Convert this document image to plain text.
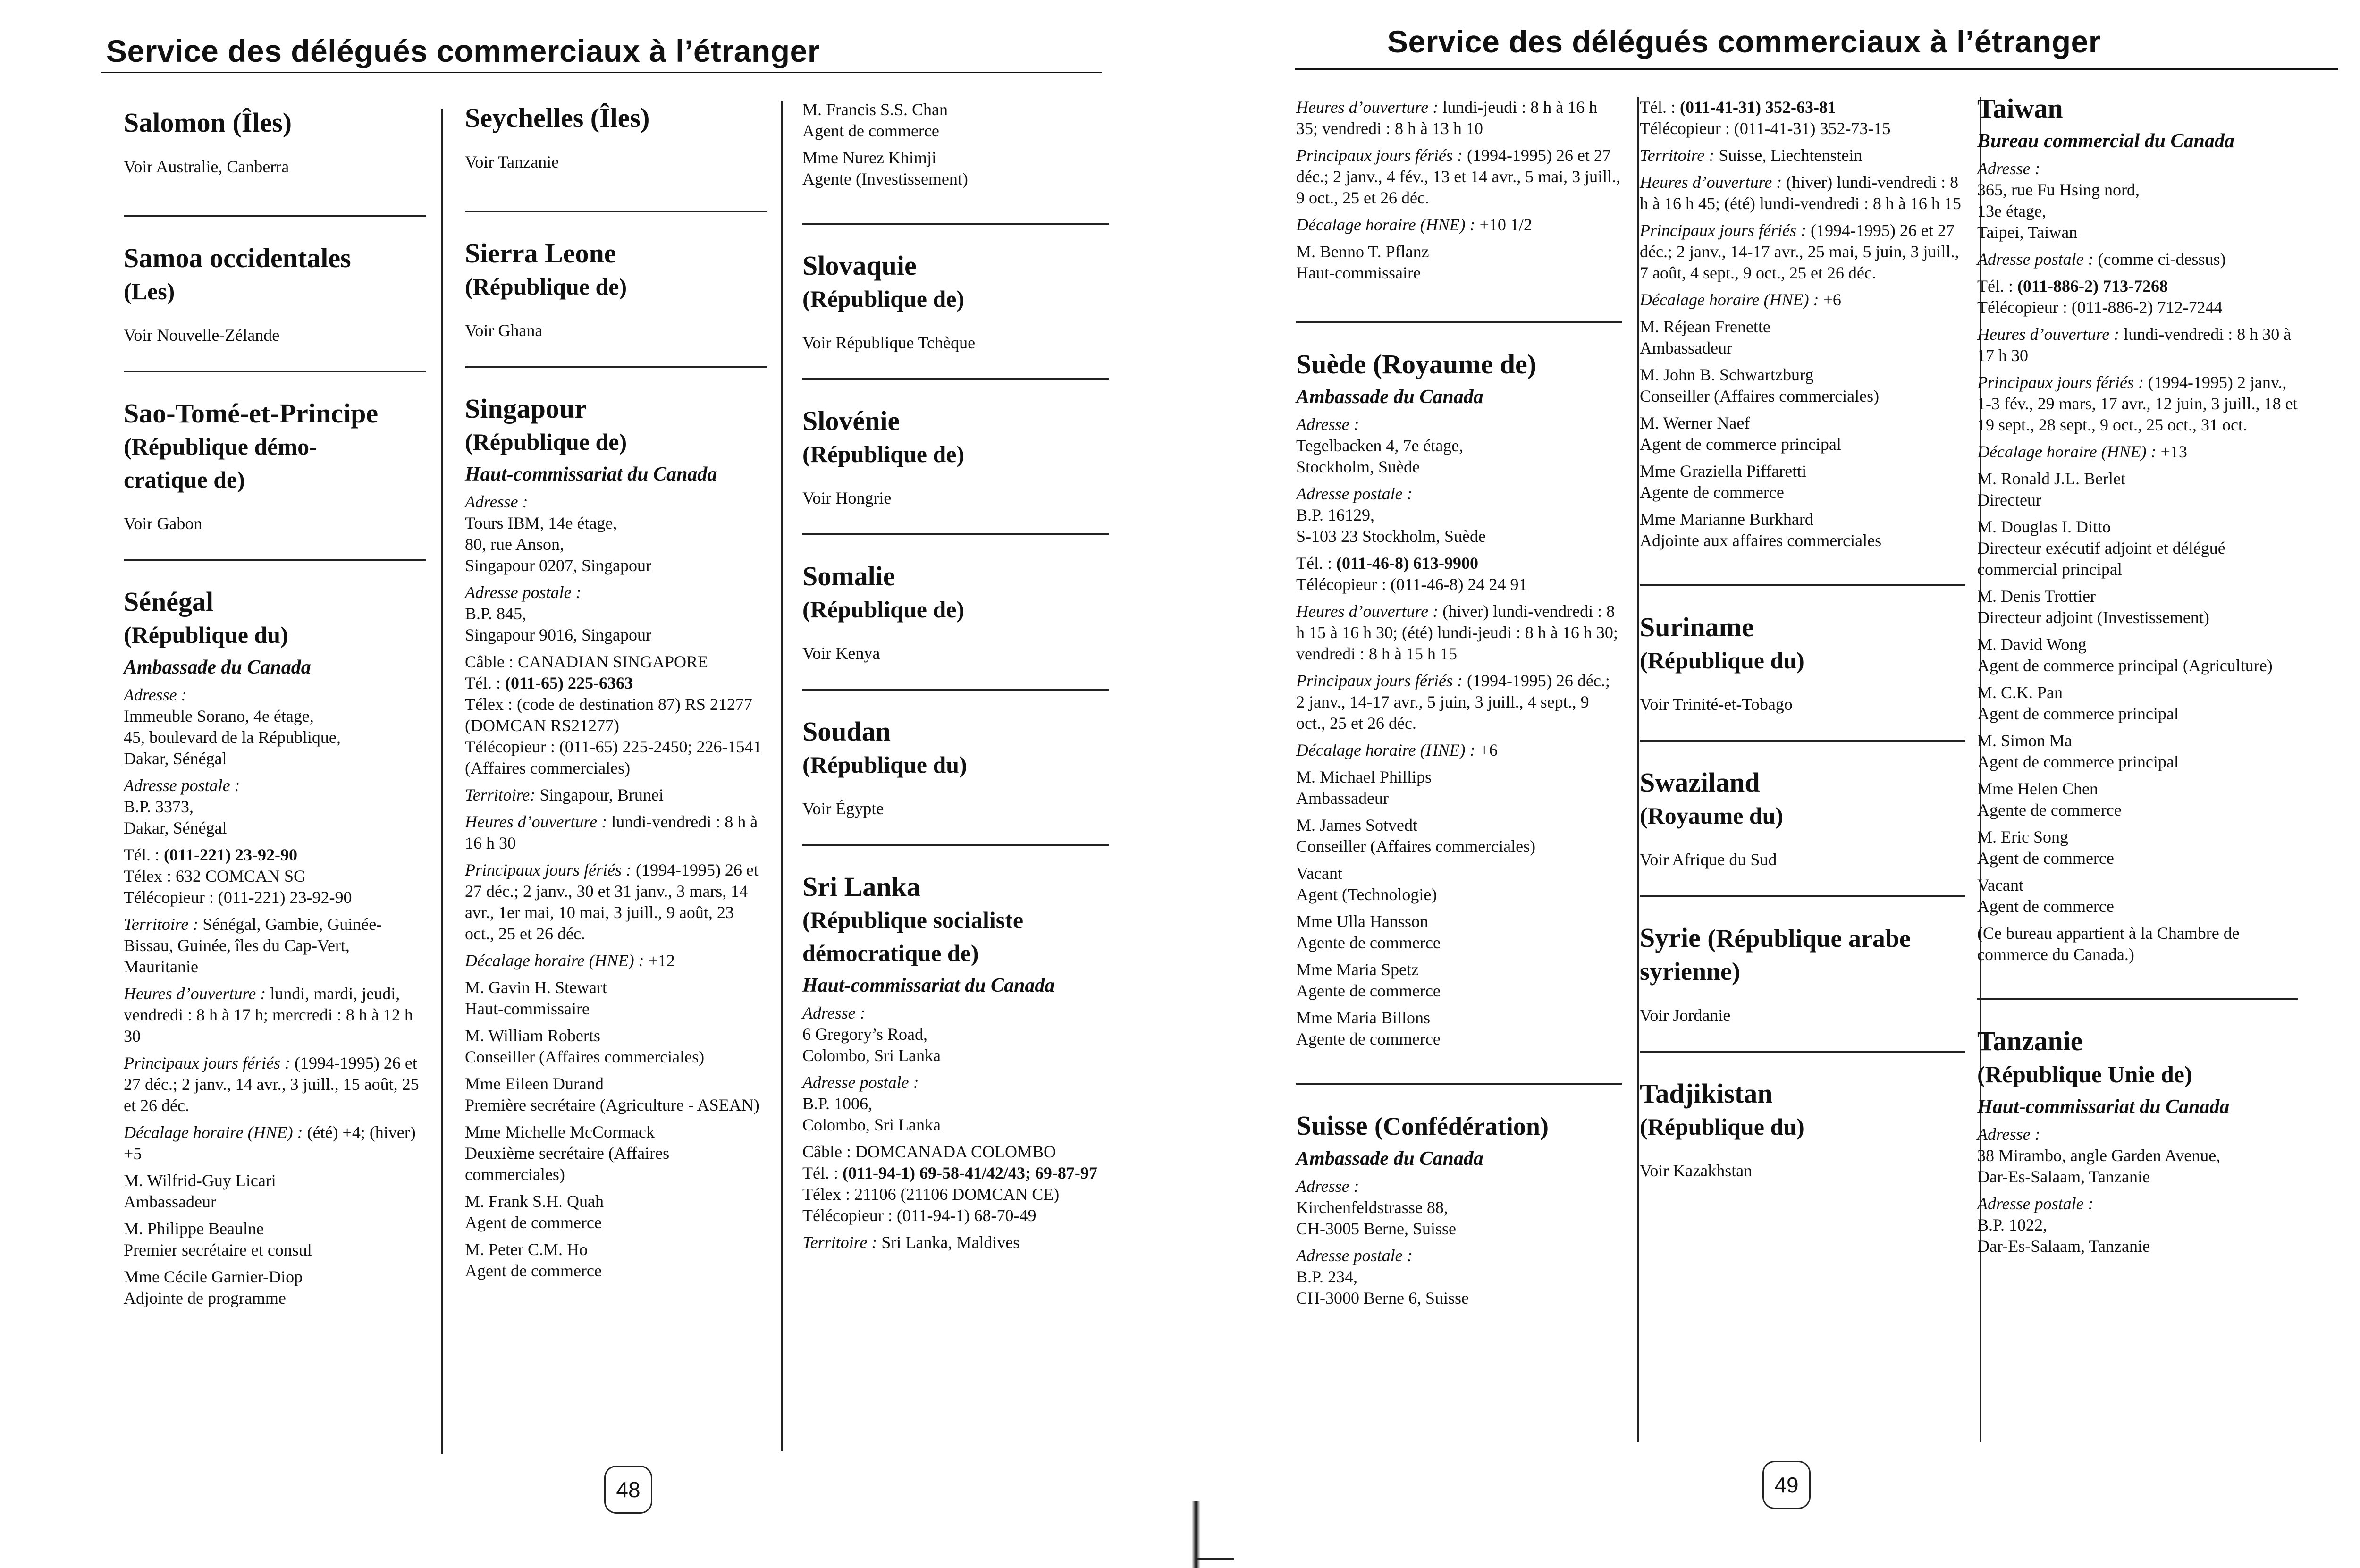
Service des délégués commerciaux à l’étranger
Salomon (Îles)
Voir Australie, Canberra
Samoa occidentales
(Les)
Voir Nouvelle-Zélande
Sao-Tomé-et-Principe
(République démo-
cratique de)
Voir Gabon
Sénégal
(République du)
Ambassade du Canada
Adresse :
Immeuble Sorano, 4e étage,
45, boulevard de la République,
Dakar, Sénégal
Adresse postale :
B.P. 3373,
Dakar, Sénégal
Tél. : (011-221) 23-92-90
Télex : 632 COMCAN SG
Télécopieur : (011-221) 23-92-90
Territoire : Sénégal, Gambie, Guinée-Bissau, Guinée, îles du Cap-Vert, Mauritanie
Heures d’ouverture : lundi, mardi, jeudi, vendredi : 8 h à 17 h; mercredi : 8 h à 12 h 30
Principaux jours fériés : (1994-1995) 26 et 27 déc.; 2 janv., 14 avr., 3 juill., 15 août, 25 et 26 déc.
Décalage horaire (HNE) : (été) +4; (hiver) +5
M. Wilfrid-Guy Licari
Ambassadeur
M. Philippe Beaulne
Premier secrétaire et consul
Mme Cécile Garnier-Diop
Adjointe de programme
Seychelles (Îles)
Voir Tanzanie
Sierra Leone
(République de)
Voir Ghana
Singapour
(République de)
Haut-commissariat du Canada
Adresse :
Tours IBM, 14e étage,
80, rue Anson,
Singapour 0207, Singapour
Adresse postale :
B.P. 845,
Singapour 9016, Singapour
Câble : CANADIAN SINGAPORE
Tél. : (011-65) 225-6363
Télex : (code de destination 87) RS 21277 (DOMCAN RS21277)
Télécopieur : (011-65) 225-2450; 226-1541 (Affaires commerciales)
Territoire: Singapour, Brunei
Heures d’ouverture : lundi-vendredi : 8 h à 16 h 30
Principaux jours fériés : (1994-1995) 26 et 27 déc.; 2 janv., 30 et 31 janv., 3 mars, 14 avr., 1er mai, 10 mai, 3 juill., 9 août, 23 oct., 25 et 26 déc.
Décalage horaire (HNE) : +12
M. Gavin H. Stewart
Haut-commissaire
M. William Roberts
Conseiller (Affaires commerciales)
Mme Eileen Durand
Première secrétaire (Agriculture - ASEAN)
Mme Michelle McCormack
Deuxième secrétaire (Affaires commerciales)
M. Frank S.H. Quah
Agent de commerce
M. Peter C.M. Ho
Agent de commerce
M. Francis S.S. Chan
Agent de commerce
Mme Nurez Khimji
Agente (Investissement)
Slovaquie
(République de)
Voir République Tchèque
Slovénie
(République de)
Voir Hongrie
Somalie
(République de)
Voir Kenya
Soudan
(République du)
Voir Égypte
Sri Lanka
(République socialiste
démocratique de)
Haut-commissariat du Canada
Adresse :
6 Gregory’s Road,
Colombo, Sri Lanka
Adresse postale :
B.P. 1006,
Colombo, Sri Lanka
Câble : DOMCANADA COLOMBO
Tél. : (011-94-1) 69-58-41/42/43; 69-87-97
Télex : 21106 (21106 DOMCAN CE)
Télécopieur : (011-94-1) 68-70-49
Territoire : Sri Lanka, Maldives
48
Service des délégués commerciaux à l’étranger
Heures d’ouverture : lundi-jeudi : 8 h à 16 h 35; vendredi : 8 h à 13 h 10
Principaux jours fériés : (1994-1995) 26 et 27 déc.; 2 janv., 4 fév., 13 et 14 avr., 5 mai, 3 juill., 9 oct., 25 et 26 déc.
Décalage horaire (HNE) : +10 1/2
M. Benno T. Pflanz
Haut-commissaire
Suède (Royaume de)
Ambassade du Canada
Adresse :
Tegelbacken 4, 7e étage,
Stockholm, Suède
Adresse postale :
B.P. 16129,
S-103 23 Stockholm, Suède
Tél. : (011-46-8) 613-9900
Télécopieur : (011-46-8) 24 24 91
Heures d’ouverture : (hiver) lundi-vendredi : 8 h 15 à 16 h 30; (été) lundi-jeudi : 8 h à 16 h 30; vendredi : 8 h à 15 h 15
Principaux jours fériés : (1994-1995) 26 déc.; 2 janv., 14-17 avr., 5 juin, 3 juill., 4 sept., 9 oct., 25 et 26 déc.
Décalage horaire (HNE) : +6
M. Michael Phillips
Ambassadeur
M. James Sotvedt
Conseiller (Affaires commerciales)
Vacant
Agent (Technologie)
Mme Ulla Hansson
Agente de commerce
Mme Maria Spetz
Agente de commerce
Mme Maria Billons
Agente de commerce
Suisse (Confédération)
Ambassade du Canada
Adresse :
Kirchenfeldstrasse 88,
CH-3005 Berne, Suisse
Adresse postale :
B.P. 234,
CH-3000 Berne 6, Suisse
Tél. : (011-41-31) 352-63-81
Télécopieur : (011-41-31) 352-73-15
Territoire : Suisse, Liechtenstein
Heures d’ouverture : (hiver) lundi-vendredi : 8 h à 16 h 45; (été) lundi-vendredi : 8 h à 16 h 15
Principaux jours fériés : (1994-1995) 26 et 27 déc.; 2 janv., 14-17 avr., 25 mai, 5 juin, 3 juill., 7 août, 4 sept., 9 oct., 25 et 26 déc.
Décalage horaire (HNE) : +6
M. Réjean Frenette
Ambassadeur
M. John B. Schwartzburg
Conseiller (Affaires commerciales)
M. Werner Naef
Agent de commerce principal
Mme Graziella Piffaretti
Agente de commerce
Mme Marianne Burkhard
Adjointe aux affaires commerciales
Suriname
(République du)
Voir Trinité-et-Tobago
Swaziland
(Royaume du)
Voir Afrique du Sud
Syrie (République arabe
syrienne)
Voir Jordanie
Tadjikistan
(République du)
Voir Kazakhstan
Taiwan
Bureau commercial du Canada
Adresse :
365, rue Fu Hsing nord,
13e étage,
Taipei, Taiwan
Adresse postale : (comme ci-dessus)
Tél. : (011-886-2) 713-7268
Télécopieur : (011-886-2) 712-7244
Heures d’ouverture : lundi-vendredi : 8 h 30 à 17 h 30
Principaux jours fériés : (1994-1995) 2 janv., 1-3 fév., 29 mars, 17 avr., 12 juin, 3 juill., 18 et 19 sept., 28 sept., 9 oct., 25 oct., 31 oct.
Décalage horaire (HNE) : +13
M. Ronald J.L. Berlet
Directeur
M. Douglas I. Ditto
Directeur exécutif adjoint et délégué commercial principal
M. Denis Trottier
Directeur adjoint (Investissement)
M. David Wong
Agent de commerce principal (Agriculture)
M. C.K. Pan
Agent de commerce principal
M. Simon Ma
Agent de commerce principal
Mme Helen Chen
Agente de commerce
M. Eric Song
Agent de commerce
Vacant
Agent de commerce
(Ce bureau appartient à la Chambre de commerce du Canada.)
Tanzanie
(République Unie de)
Haut-commissariat du Canada
Adresse :
38 Mirambo, angle Garden Avenue,
Dar-Es-Salaam, Tanzanie
Adresse postale :
B.P. 1022,
Dar-Es-Salaam, Tanzanie
49
